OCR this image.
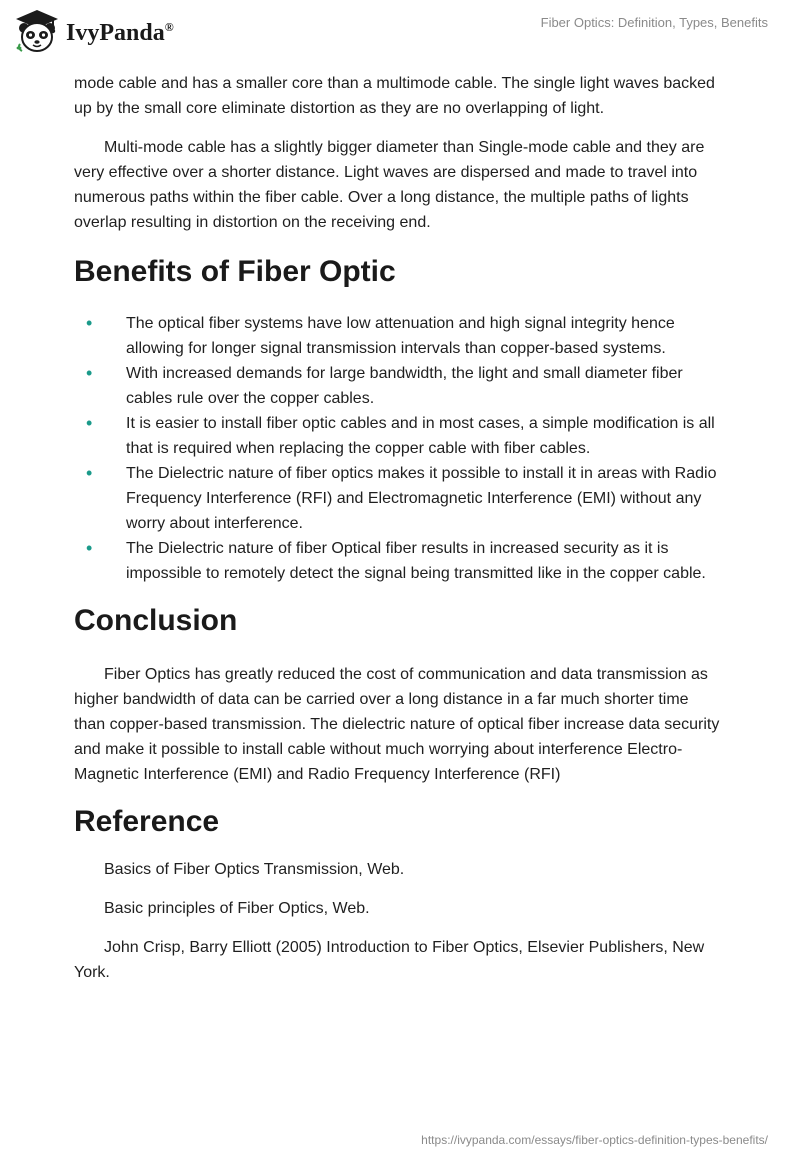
IvyPanda®	Fiber Optics: Definition, Types, Benefits

mode cable and has a smaller core than a multimode cable. The single light waves backed up by the small core eliminate distortion as they are no overlapping of light.

Multi-mode cable has a slightly bigger diameter than Single-mode cable and they are very effective over a shorter distance. Light waves are dispersed and made to travel into numerous paths within the fiber cable. Over a long distance, the multiple paths of lights overlap resulting in distortion on the receiving end.

Benefits of Fiber Optic
• The optical fiber systems have low attenuation and high signal integrity hence allowing for longer signal transmission intervals than copper-based systems.
• With increased demands for large bandwidth, the light and small diameter fiber cables rule over the copper cables.
• It is easier to install fiber optic cables and in most cases, a simple modification is all that is required when replacing the copper cable with fiber cables.
• The Dielectric nature of fiber optics makes it possible to install it in areas with Radio Frequency Interference (RFI) and Electromagnetic Interference (EMI) without any worry about interference.
• The Dielectric nature of fiber Optical fiber results in increased security as it is impossible to remotely detect the signal being transmitted like in the copper cable.
Conclusion

Fiber Optics has greatly reduced the cost of communication and data transmission as higher bandwidth of data can be carried over a long distance in a far much shorter time than copper-based transmission. The dielectric nature of optical fiber increase data security and make it possible to install cable without much worrying about interference Electro-Magnetic Interference (EMI) and Radio Frequency Interference (RFI)

Reference

Basics of Fiber Optics Transmission, Web.

Basic principles of Fiber Optics, Web.

John Crisp, Barry Elliott (2005) Introduction to Fiber Optics, Elsevier Publishers, New York.

https://ivypanda.com/essays/fiber-optics-definition-types-benefits/
